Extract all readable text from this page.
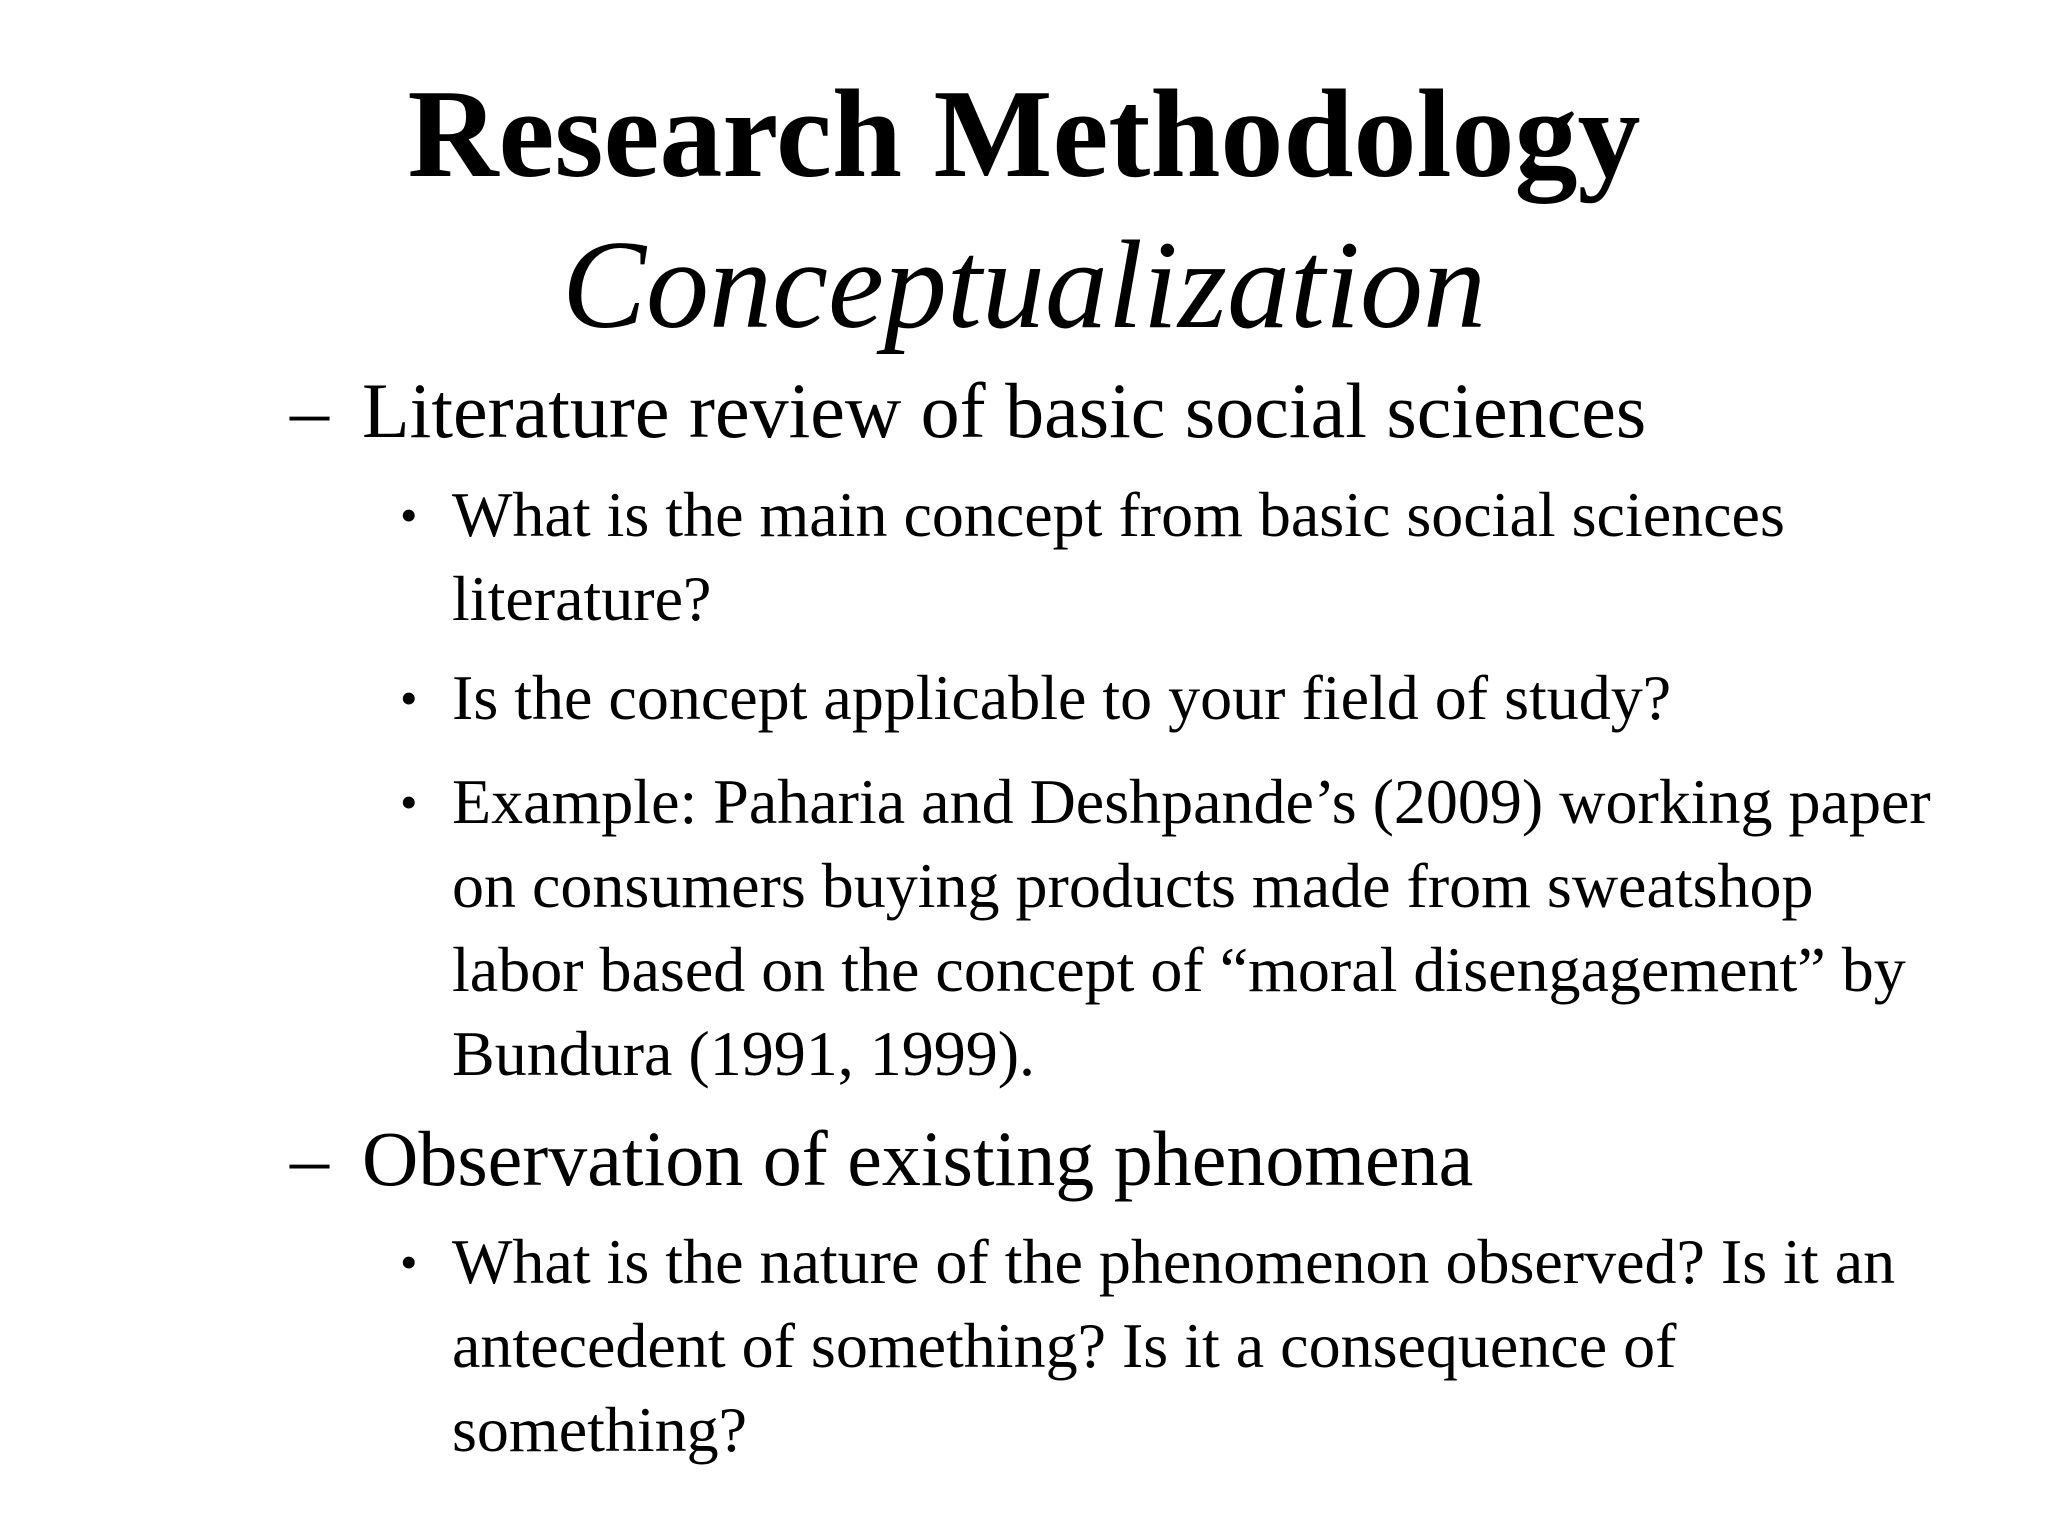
Research Methodology
Conceptualization
– Literature review of basic social sciences
• What is the main concept from basic social sciences literature?
• Is the concept applicable to your field of study?
• Example: Paharia and Deshpande’s (2009) working paper on consumers buying products made from sweatshop labor based on the concept of “moral disengagement” by Bundura (1991, 1999).
– Observation of existing phenomena
• What is the nature of the phenomenon observed? Is it an antecedent of something? Is it a consequence of something?
